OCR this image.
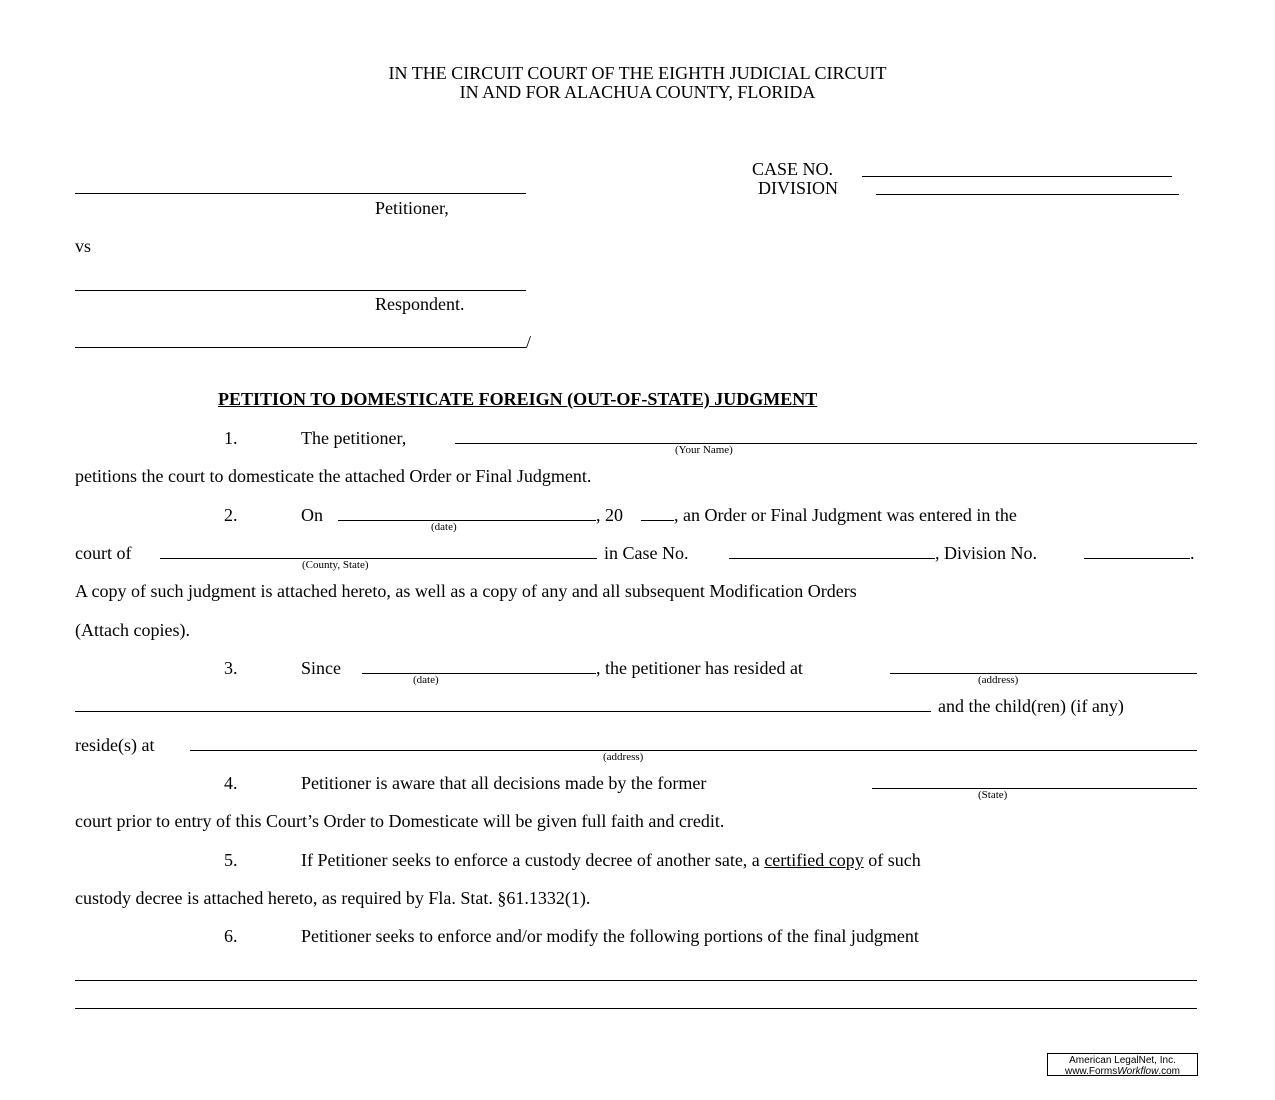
IN THE CIRCUIT COURT OF THE EIGHTH JUDICIAL CIRCUIT
IN AND FOR ALACHUA COUNTY, FLORIDA
CASE NO.
DIVISION
Petitioner,
vs
Respondent.
/
PETITION TO DOMESTICATE FOREIGN (OUT-OF-STATE) JUDGMENT
1.	The petitioner,
(Your Name)
petitions the court to domesticate the attached Order or Final Judgment.
2.	On
(date)
, 20	, an Order or Final Judgment was entered in the
court of
(County, State)
in Case No.	, Division No.	.
A copy of such judgment is attached hereto, as well as a copy of any and all subsequent Modification Orders
(Attach copies).
3.	Since
(date)
, the petitioner has resided at
(address)
and the child(ren) (if any)
reside(s) at
(address)
4.	Petitioner is aware that all decisions made by the former
(State)
court prior to entry of this Court’s Order to Domesticate will be given full faith and credit.
5.	If Petitioner seeks to enforce a custody decree of another sate, a certified copy of such
custody decree is attached hereto, as required by Fla. Stat. §61.1332(1).
6.	Petitioner seeks to enforce and/or modify the following portions of the final judgment
American LegalNet, Inc.
www.FormsWorkflow.com
